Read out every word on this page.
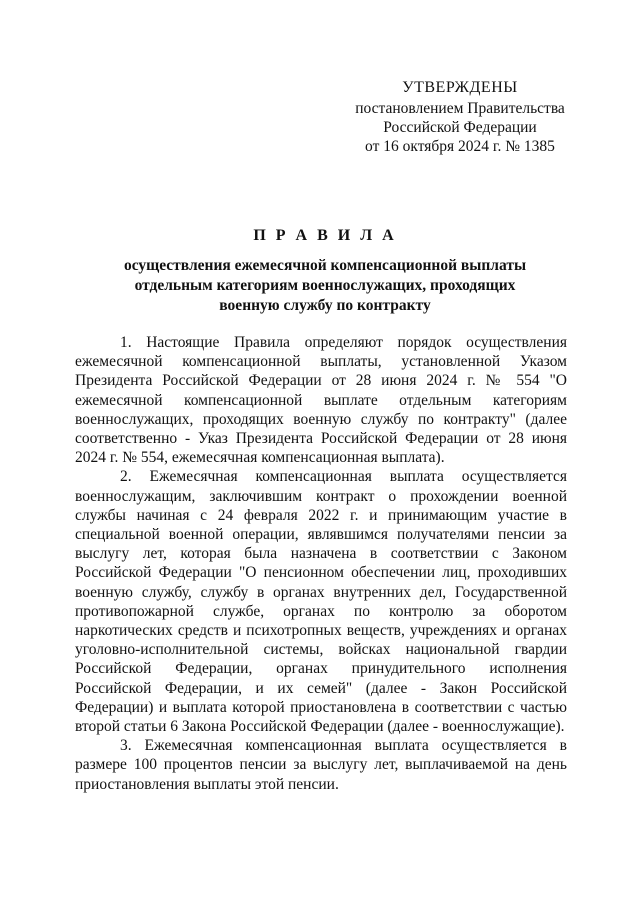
УТВЕРЖДЕНЫ
постановлением Правительства
Российской Федерации
от 16 октября 2024 г. № 1385
П Р А В И Л А
осуществления ежемесячной компенсационной выплаты
отдельным категориям военнослужащих, проходящих
военную службу по контракту

1. Настоящие Правила определяют порядок осуществления ежемесячной компенсационной выплаты, установленной Указом Президента Российской Федерации от 28 июня 2024 г. № 554 "О ежемесячной компенсационной выплате отдельным категориям военнослужащих, проходящих военную службу по контракту" (далее соответственно - Указ Президента Российской Федерации от 28 июня 2024 г. № 554, ежемесячная компенсационная выплата).

2. Ежемесячная компенсационная выплата осуществляется военнослужащим, заключившим контракт о прохождении военной службы начиная с 24 февраля 2022 г. и принимающим участие в специальной военной операции, являвшимся получателями пенсии за выслугу лет, которая была назначена в соответствии с Законом Российской Федерации "О пенсионном обеспечении лиц, проходивших военную службу, службу в органах внутренних дел, Государственной противопожарной службе, органах по контролю за оборотом наркотических средств и психотропных веществ, учреждениях и органах уголовно-исполнительной системы, войсках национальной гвардии Российской Федерации, органах принудительного исполнения Российской Федерации, и их семей" (далее - Закон Российской Федерации) и выплата которой приостановлена в соответствии с частью второй статьи 6 Закона Российской Федерации (далее - военнослужащие).

3. Ежемесячная компенсационная выплата осуществляется в размере 100 процентов пенсии за выслугу лет, выплачиваемой на день приостановления выплаты этой пенсии.
